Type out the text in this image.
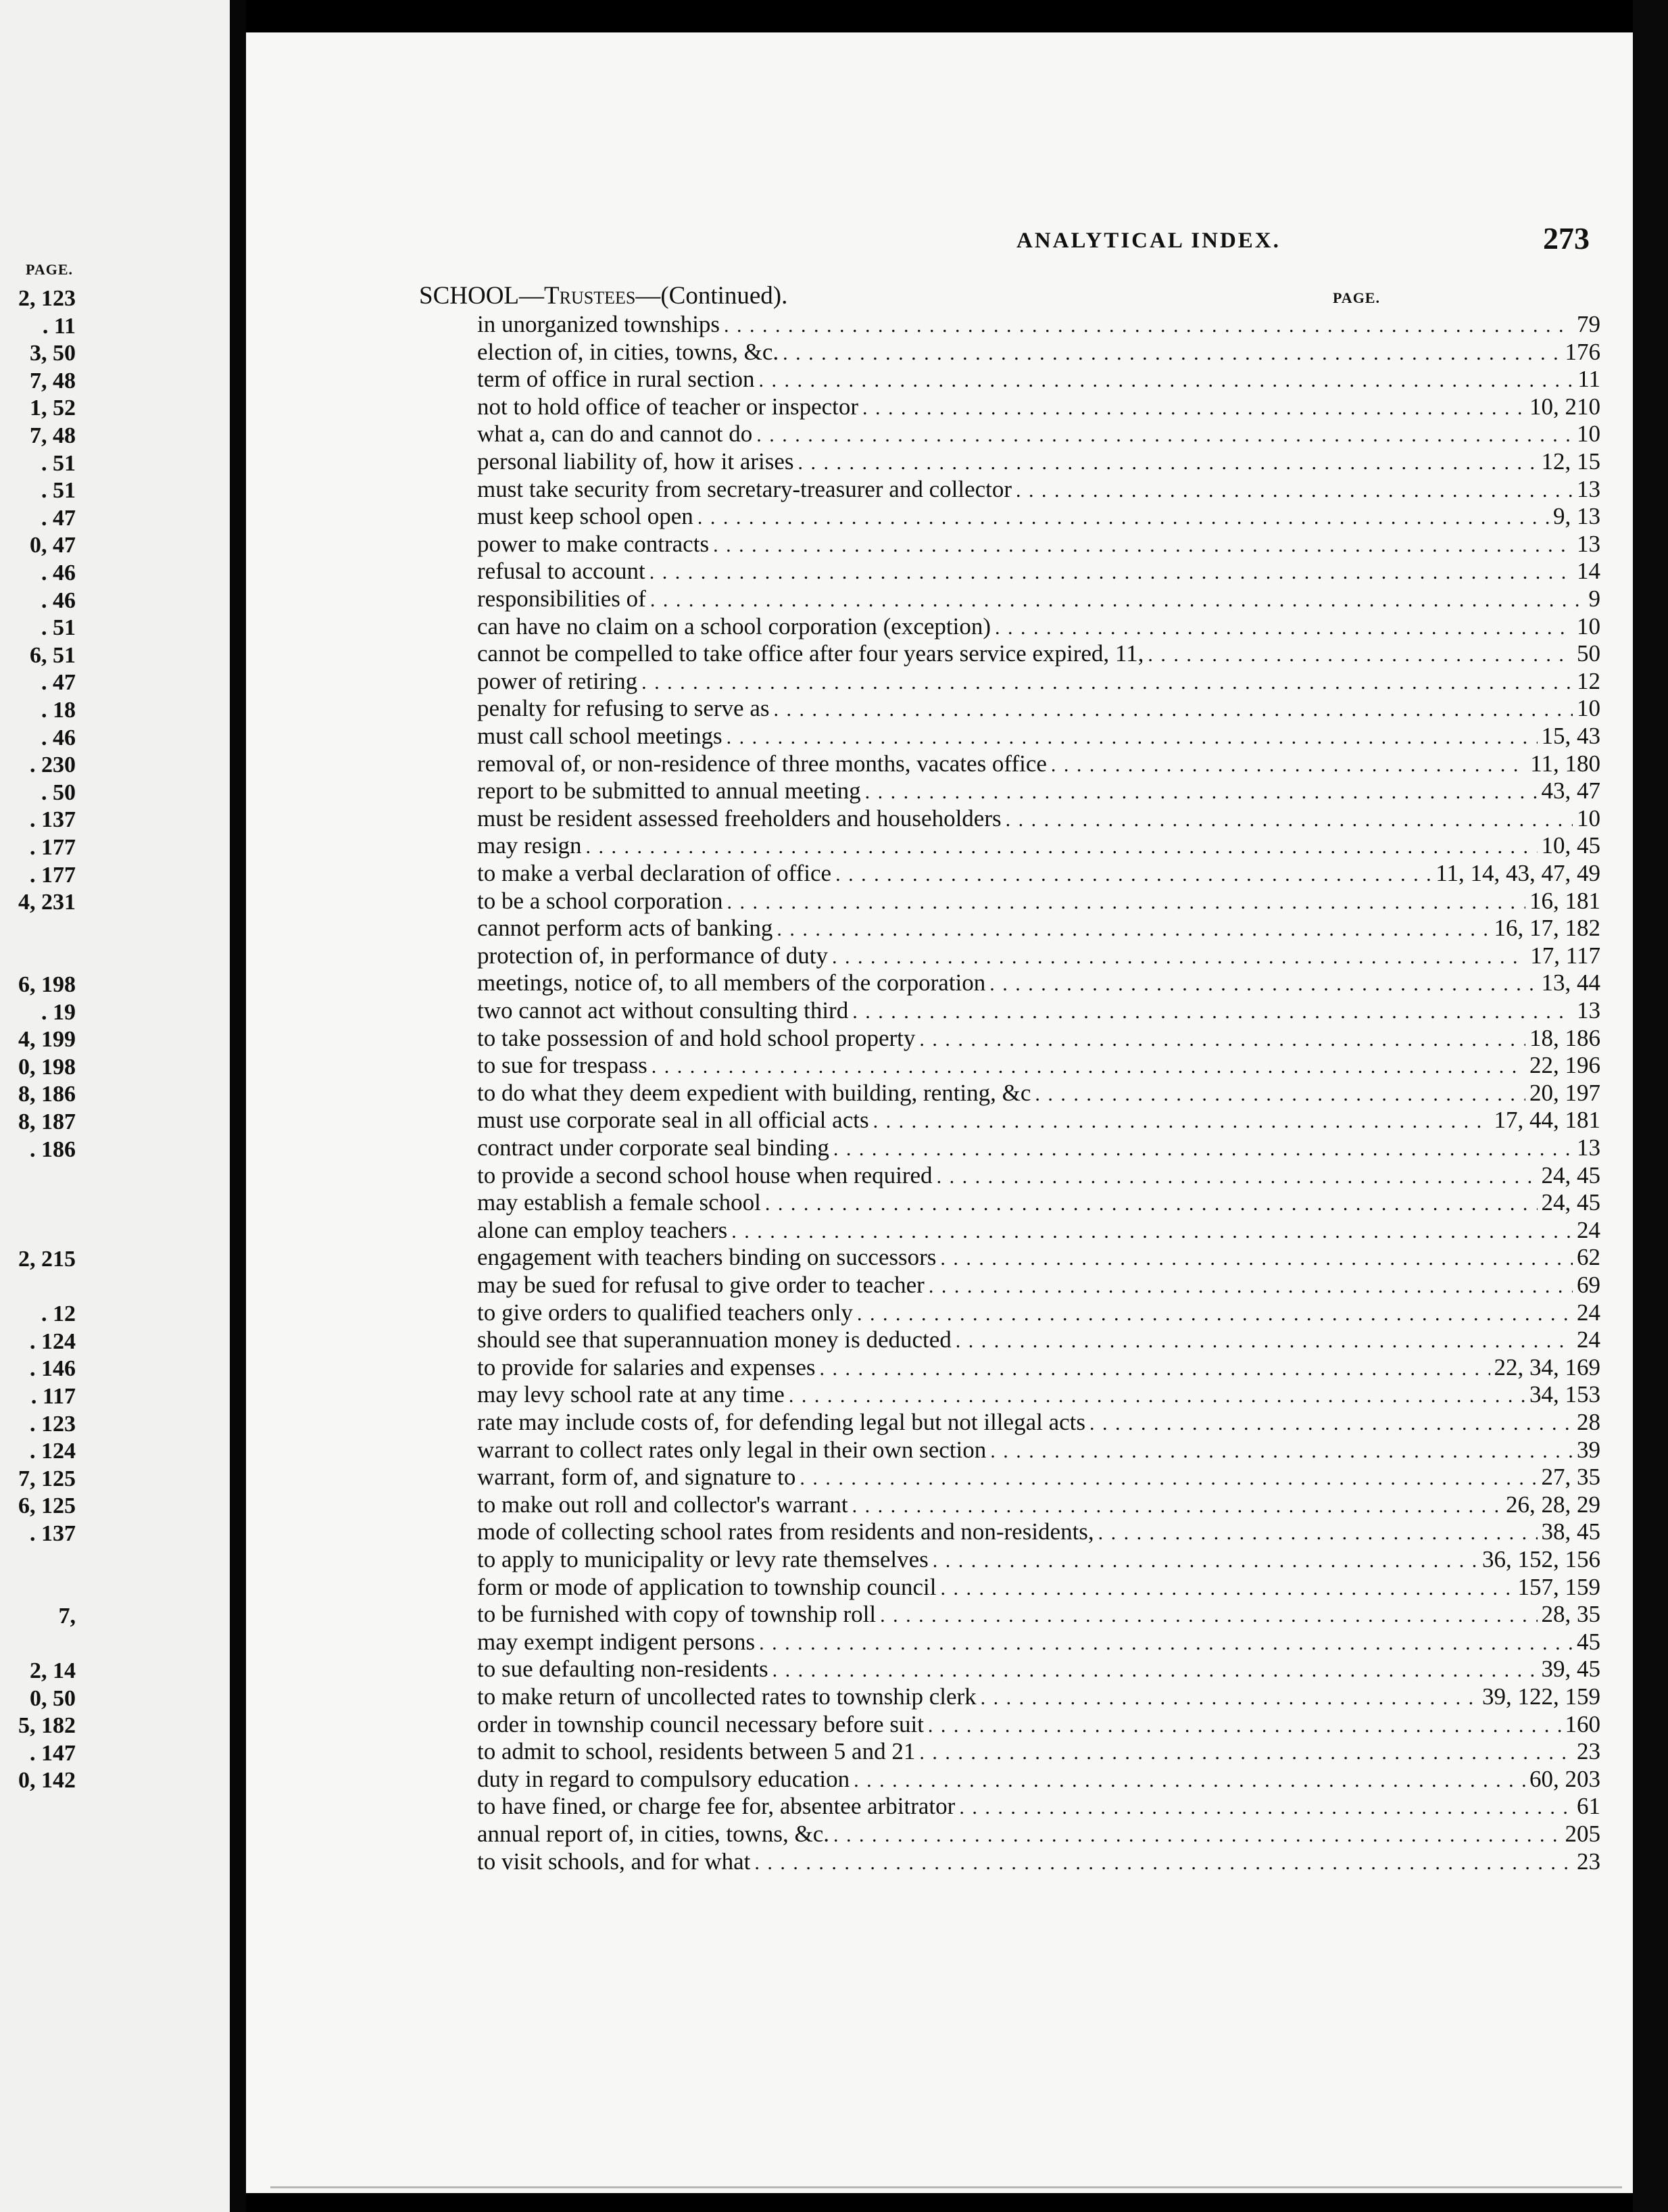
PAGE.
2, 123
. 11
3, 50
7, 48
1, 52
7, 48
. 51
. 51
. 47
0, 47
. 46
. 46
. 51
6, 51
. 47
. 18
. 46
. 230
. 50
. 137
. 177
. 177
4, 231
6, 198
. 19
4, 199
0, 198
8, 186
8, 187
. 186
2, 215
. 12
. 124
. 146
. 117
. 123
. 124
7, 125
6, 125
. 137
7,
2, 14
0, 50
5, 182
. 147
0, 142
ANALYTICAL INDEX.	273
SCHOOL—Trustees—(Continued).	PAGE.
in unorganized townships . . .	79
election of, in cities, towns, &c. . . .	176
term of office in rural section . . .	11
not to hold office of teacher or inspector . . .	10, 210
what a, can do and cannot do . . .	10
personal liability of, how it arises . . .	12, 15
must take security from secretary-treasurer and collector . . .	13
must keep school open . . .	9, 13
power to make contracts . . .	13
refusal to account . . .	14
responsibilities of . . .	9
can have no claim on a school corporation (exception) . . .	10
cannot be compelled to take office after four years service expired, 11, . . .	50
power of retiring . . .	12
penalty for refusing to serve as . . .	10
must call school meetings . . .	15, 43
removal of, or non-residence of three months, vacates office . . .	11, 180
report to be submitted to annual meeting . . .	43, 47
must be resident assessed freeholders and householders . . .	10
may resign . . .	10, 45
to make a verbal declaration of office . . .	11, 14, 43, 47, 49
to be a school corporation . . .	16, 181
cannot perform acts of banking . . .	16, 17, 182
protection of, in performance of duty . . .	17, 117
meetings, notice of, to all members of the corporation . . .	13, 44
two cannot act without consulting third . . .	13
to take possession of and hold school property . . .	18, 186
to sue for trespass . . .	22, 196
to do what they deem expedient with building, renting, &c . . .	20, 197
must use corporate seal in all official acts . . .	17, 44, 181
contract under corporate seal binding . . .	13
to provide a second school house when required . . .	24, 45
may establish a female school . . .	24, 45
alone can employ teachers . . .	24
engagement with teachers binding on successors . . .	62
may be sued for refusal to give order to teacher . . .	69
to give orders to qualified teachers only . . .	24
should see that superannuation money is deducted . . .	24
to provide for salaries and expenses . . .	22, 34, 169
may levy school rate at any time . . .	34, 153
rate may include costs of, for defending legal but not illegal acts . . .	28
warrant to collect rates only legal in their own section . . .	39
warrant, form of, and signature to . . .	27, 35
to make out roll and collector's warrant . . .	26, 28, 29
mode of collecting school rates from residents and non-residents, . . .	38, 45
to apply to municipality or levy rate themselves . . .	36, 152, 156
form or mode of application to township council . . .	157, 159
to be furnished with copy of township roll . . .	28, 35
may exempt indigent persons . . .	45
to sue defaulting non-residents . . .	39, 45
to make return of uncollected rates to township clerk . . .	39, 122, 159
order in township council necessary before suit . . .	160
to admit to school, residents between 5 and 21 . . .	23
duty in regard to compulsory education . . .	60, 203
to have fined, or charge fee for, absentee arbitrator . . .	61
annual report of, in cities, towns, &c. . . .	205
to visit schools, and for what . . .	23
